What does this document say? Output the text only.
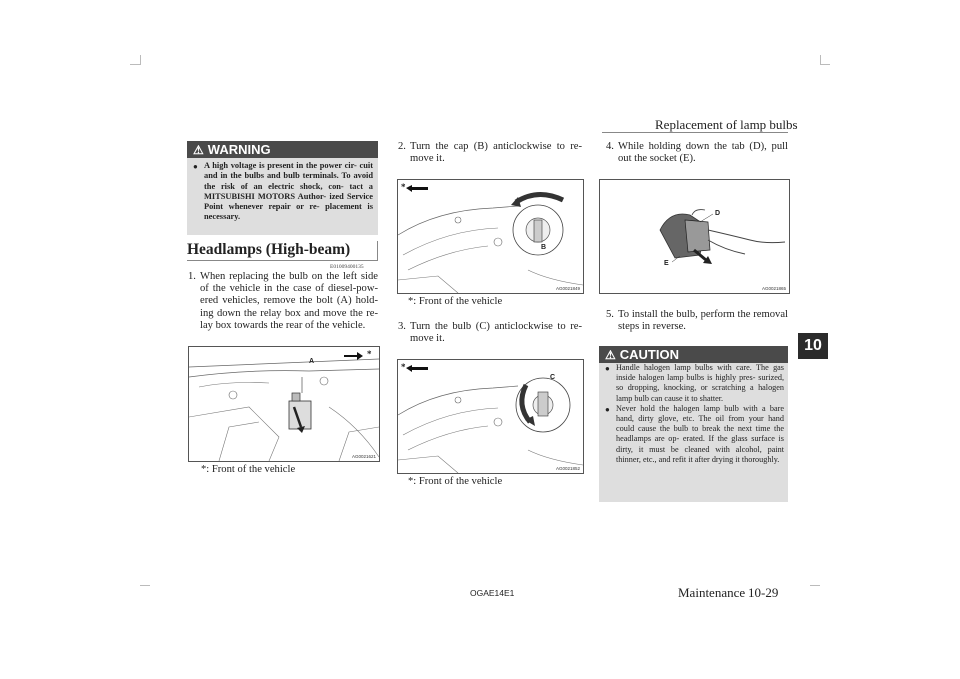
Replacement of lamp bulbs
10
⚠ WARNING
● A high voltage is present in the power cir- cuit and in the bulbs and bulb terminals. To avoid the risk of an electric shock, con- tact a MITSUBISHI MOTORS Author- ized Service Point whenever repair or re- placement is necessary.
Headlamps (High-beam)
E01009400135
1. When replacing the bulb on the left side of the vehicle in the case of diesel-pow- ered vehicles, remove the bolt (A) hold- ing down the relay box and move the re- lay box towards the rear of the vehicle.
A
*
AG0021621
*: Front of the vehicle
2. Turn the cap (B) anticlockwise to re- move it.
*
B
AG0021849
*: Front of the vehicle
3. Turn the bulb (C) anticlockwise to re- move it.
*
C
AG0021852
*: Front of the vehicle
4. While holding down the tab (D), pull out the socket (E).
D
E
AG0021865
5. To install the bulb, perform the removal steps in reverse.
⚠ CAUTION
● Handle halogen lamp bulbs with care. The gas inside halogen lamp bulbs is highly pres- surized, so dropping, knocking, or scratching a halogen lamp bulb can cause it to shatter.
● Never hold the halogen lamp bulb with a bare hand, dirty glove, etc. The oil from your hand could cause the bulb to break the next time the headlamps are op- erated. If the glass surface is dirty, it must be cleaned with alcohol, paint thinner, etc., and refit it after drying it thoroughly.
OGAE14E1	Maintenance 10-29
